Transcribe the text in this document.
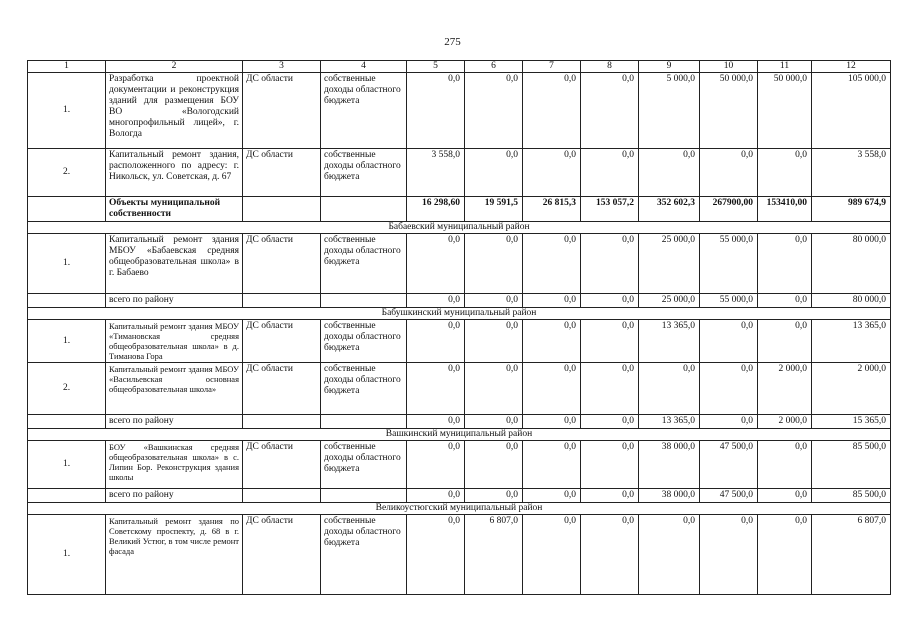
275
1	2	3	4	5	6	7	8	9	10	11	12
1.	Разработка проектной документации и реконструкция зданий для размещения БОУ ВО «Вологодский многопрофильный лицей», г. Вологда	ДС области	собственные доходы областного бюджета	0,0	0,0	0,0	0,0	5 000,0	50 000,0	50 000,0	105 000,0
2.	Капитальный ремонт здания, расположенного по адресу: г. Никольск, ул. Советская, д. 67	ДС области	собственные доходы областного бюджета	3 558,0	0,0	0,0	0,0	0,0	0,0	0,0	3 558,0
	Объекты муниципальной собственности			16 298,60	19 591,5	26 815,3	153 057,2	352 602,3	267900,00	153410,00	989 674,9
Бабаевский муниципальный район											
1.	Капитальный ремонт здания МБОУ «Бабаевская средняя общеобразовательная школа» в г. Бабаево	ДС области	собственные доходы областного бюджета	0,0	0,0	0,0	0,0	25 000,0	55 000,0	0,0	80 000,0
	всего по району			0,0	0,0	0,0	0,0	25 000,0	55 000,0	0,0	80 000,0
Бабушкинский муниципальный район											
1.	Капитальный ремонт здания МБОУ «Тимановская средняя общеобразовательная школа» в д. Тиманова Гора	ДС области	собственные доходы областного бюджета	0,0	0,0	0,0	0,0	13 365,0	0,0	0,0	13 365,0
2.	Капитальный ремонт здания МБОУ «Васильевская основная общеобразовательная школа»	ДС области	собственные доходы областного бюджета	0,0	0,0	0,0	0,0	0,0	0,0	2 000,0	2 000,0
	всего по району			0,0	0,0	0,0	0,0	13 365,0	0,0	2 000,0	15 365,0
Вашкинский муниципальный район											
1.	БОУ «Вашкинская средняя общеобразовательная школа» в с. Липин Бор. Реконструкция здания школы	ДС области	собственные доходы областного бюджета	0,0	0,0	0,0	0,0	38 000,0	47 500,0	0,0	85 500,0
	всего по району			0,0	0,0	0,0	0,0	38 000,0	47 500,0	0,0	85 500,0
Великоустюгский муниципальный район											
1.	Капитальный ремонт здания по Советскому проспекту, д. 68 в г. Великий Устюг, в том числе ремонт фасада	ДС области	собственные доходы областного бюджета	0,0	6 807,0	0,0	0,0	0,0	0,0	0,0	6 807,0
